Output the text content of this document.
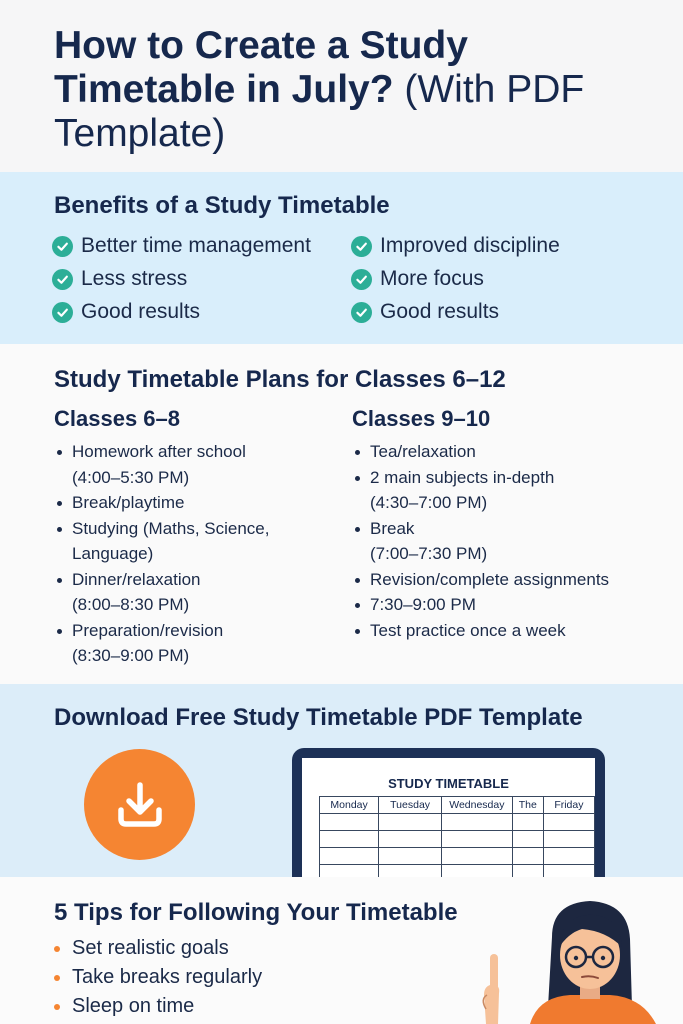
How to Create a Study Timetable in July? (With PDF Template)
Benefits of a Study Timetable
Better time management
Less stress
Good results
Improved discipline
More focus
Good results
Study Timetable Plans for Classes 6–12
Classes 6–8	Classes 9–10
Homework after school
(4:00–5:30 PM)
Break/playtime
Studying (Maths, Science,
Language)
Dinner/relaxation
(8:00–8:30 PM)
Preparation/revision
(8:30–9:00 PM)
Tea/relaxation
2 main subjects in-depth
(4:30–7:00 PM)
Break
(7:00–7:30 PM)
Revision/complete assignments
7:30–9:00 PM
Test practice once a week
Download Free Study Timetable PDF Template
STUDY TIMETABLE
Monday	Tuesday	Wednesday	The	Friday

5 Tips for Following Your Timetable
Set realistic goals
Take breaks regularly
Sleep on time
